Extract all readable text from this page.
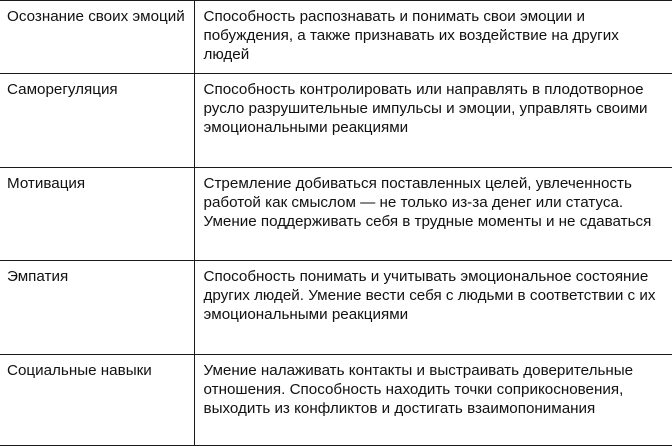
Осознание своих эмоций	Способность распознавать и понимать свои эмоции и побуждения, а также признавать их воздействие на других людей
Саморегуляция	Способность контролировать или направлять в плодотворное русло разрушительные импульсы и эмоции, управлять своими эмоциональными реакциями
Мотивация	Стремление добиваться поставленных целей, увлеченность работой как смыслом — не только из-за денег или статуса. Умение поддерживать себя в трудные моменты и не сдаваться
Эмпатия	Способность понимать и учитывать эмоциональное состояние других людей. Умение вести себя с людьми в соответствии с их эмоциональными реакциями
Социальные навыки	Умение налаживать контакты и выстраивать доверительные отношения. Способность находить точки соприкосновения, выходить из конфликтов и достигать взаимопонимания
